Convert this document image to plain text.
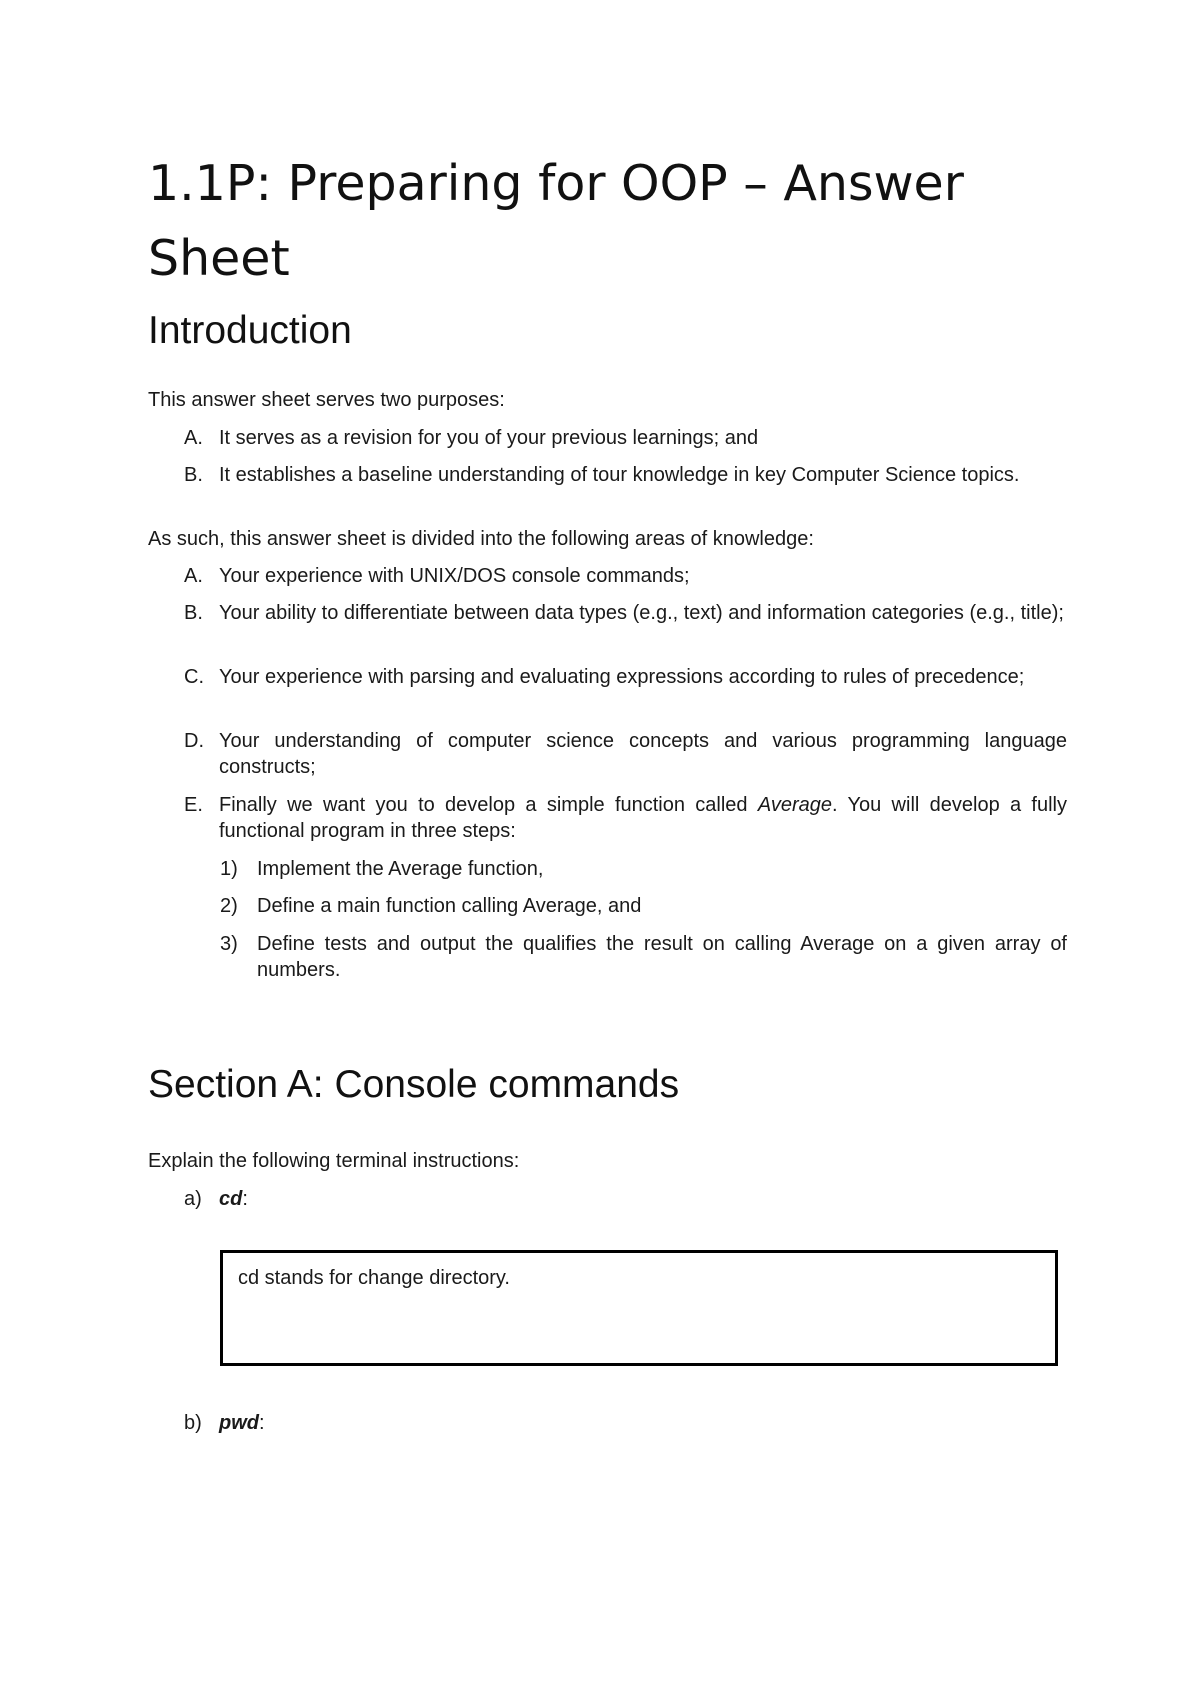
1.1P: Preparing for OOP – Answer Sheet
Introduction

This answer sheet serves two purposes:

A. It serves as a revision for you of your previous learnings; and
B. It establishes a baseline understanding of tour knowledge in key Computer Science topics.

As such, this answer sheet is divided into the following areas of knowledge:

A. Your experience with UNIX/DOS console commands;
B. Your ability to differentiate between data types (e.g., text) and information categories (e.g., title);
C. Your experience with parsing and evaluating expressions according to rules of precedence;
D. Your understanding of computer science concepts and various programming language constructs;
E. Finally we want you to develop a simple function called Average. You will develop a fully functional program in three steps:
1) Implement the Average function,
2) Define a main function calling Average, and
3) Define tests and output the qualifies the result on calling Average on a given array of numbers.
Section A: Console commands

Explain the following terminal instructions:

a) cd:
cd stands for change directory.
b) pwd:
